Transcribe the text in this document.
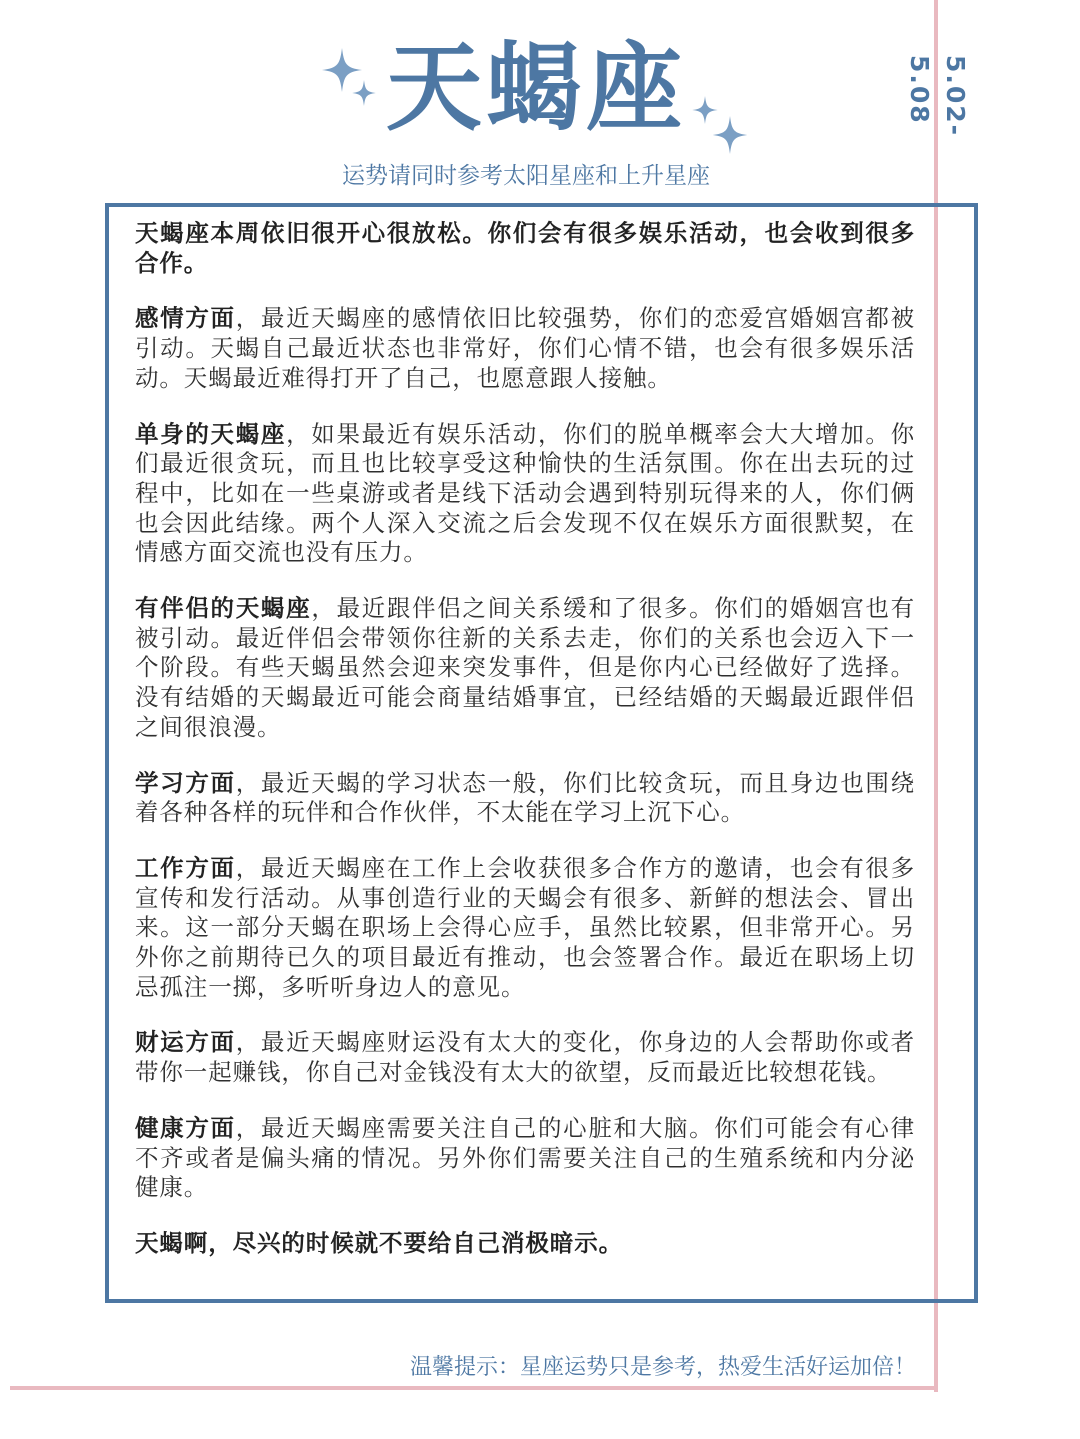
天蝎座
运势请同时参考太阳星座和上升星座
5.02-5.08

天蝎座本周依旧很开心很放松。你们会有很多娱乐活动，也会收到很多合作。

感情方面，最近天蝎座的感情依旧比较强势，你们的恋爱宫婚姻宫都被引动。天蝎自己最近状态也非常好，你们心情不错，也会有很多娱乐活动。天蝎最近难得打开了自己，也愿意跟人接触。

单身的天蝎座，如果最近有娱乐活动，你们的脱单概率会大大增加。你们最近很贪玩，而且也比较享受这种愉快的生活氛围。你在出去玩的过程中，比如在一些桌游或者是线下活动会遇到特别玩得来的人，你们俩也会因此结缘。两个人深入交流之后会发现不仅在娱乐方面很默契，在情感方面交流也没有压力。

有伴侣的天蝎座，最近跟伴侣之间关系缓和了很多。你们的婚姻宫也有被引动。最近伴侣会带领你往新的关系去走，你们的关系也会迈入下一个阶段。有些天蝎虽然会迎来突发事件，但是你内心已经做好了选择。没有结婚的天蝎最近可能会商量结婚事宜，已经结婚的天蝎最近跟伴侣之间很浪漫。

学习方面，最近天蝎的学习状态一般，你们比较贪玩，而且身边也围绕着各种各样的玩伴和合作伙伴，不太能在学习上沉下心。

工作方面，最近天蝎座在工作上会收获很多合作方的邀请，也会有很多宣传和发行活动。从事创造行业的天蝎会有很多、新鲜的想法会、冒出来。这一部分天蝎在职场上会得心应手，虽然比较累，但非常开心。另外你之前期待已久的项目最近有推动，也会签署合作。最近在职场上切忌孤注一掷，多听听身边人的意见。

财运方面，最近天蝎座财运没有太大的变化，你身边的人会帮助你或者带你一起赚钱，你自己对金钱没有太大的欲望，反而最近比较想花钱。

健康方面，最近天蝎座需要关注自己的心脏和大脑。你们可能会有心律不齐或者是偏头痛的情况。另外你们需要关注自己的生殖系统和内分泌健康。

天蝎啊，尽兴的时候就不要给自己消极暗示。

温馨提示：星座运势只是参考，热爱生活好运加倍！
